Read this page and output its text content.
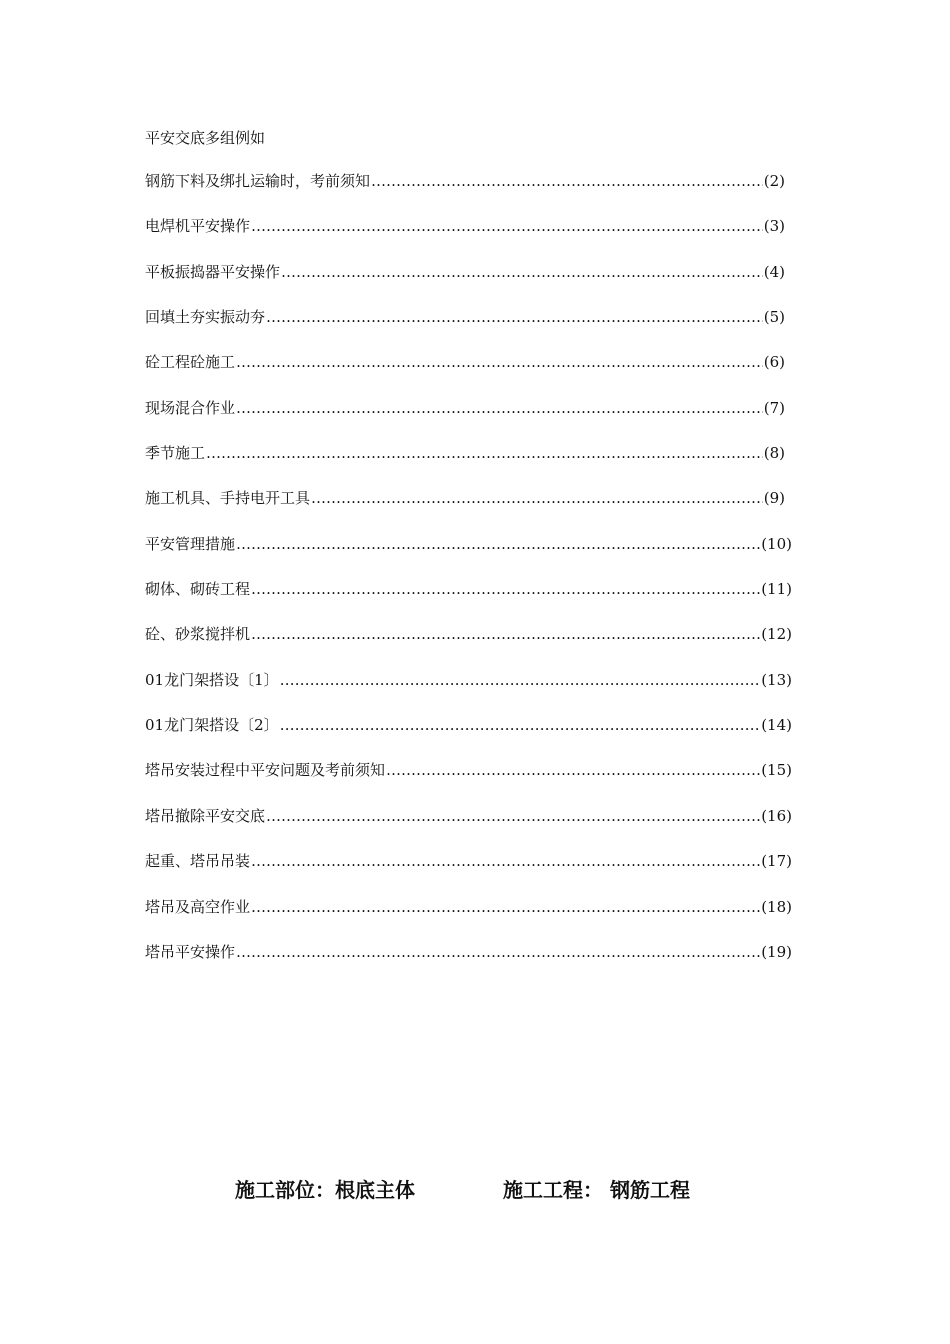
平安交底多组例如
钢筋下料及绑扎运输时，考前须知 …………………………………………………………………………………………………………………………………………………………………………………………………………………………………………………………	(2)
电焊机平安操作 …………………………………………………………………………………………………………………………………………………………………………………………………………………………………………………………	(3)
平板振捣器平安操作 …………………………………………………………………………………………………………………………………………………………………………………………………………………………………………………………	(4)
回填土夯实振动夯 …………………………………………………………………………………………………………………………………………………………………………………………………………………………………………………………	(5)
砼工程砼施工 …………………………………………………………………………………………………………………………………………………………………………………………………………………………………………………………	(6)
现场混合作业 …………………………………………………………………………………………………………………………………………………………………………………………………………………………………………………………	(7)
季节施工 …………………………………………………………………………………………………………………………………………………………………………………………………………………………………………………………	(8)
施工机具、手持电开工具 …………………………………………………………………………………………………………………………………………………………………………………………………………………………………………………………	(9)
平安管理措施 …………………………………………………………………………………………………………………………………………………………………………………………………………………………………………………………	(10)
砌体、砌砖工程 …………………………………………………………………………………………………………………………………………………………………………………………………………………………………………………………	(11)
砼、砂浆搅拌机 …………………………………………………………………………………………………………………………………………………………………………………………………………………………………………………………	(12)
01龙门架搭设〔1〕 …………………………………………………………………………………………………………………………………………………………………………………………………………………………………………………………	(13)
01龙门架搭设〔2〕 …………………………………………………………………………………………………………………………………………………………………………………………………………………………………………………………	(14)
塔吊安装过程中平安问题及考前须知 …………………………………………………………………………………………………………………………………………………………………………………………………………………………………………………………	(15)
塔吊撤除平安交底 …………………………………………………………………………………………………………………………………………………………………………………………………………………………………………………………	(16)
起重、塔吊吊装 …………………………………………………………………………………………………………………………………………………………………………………………………………………………………………………………	(17)
塔吊及高空作业 …………………………………………………………………………………………………………………………………………………………………………………………………………………………………………………………	(18)
塔吊平安操作 …………………………………………………………………………………………………………………………………………………………………………………………………………………………………………………………	(19)
施工部位：根底主体	施工工程： 钢筋工程
